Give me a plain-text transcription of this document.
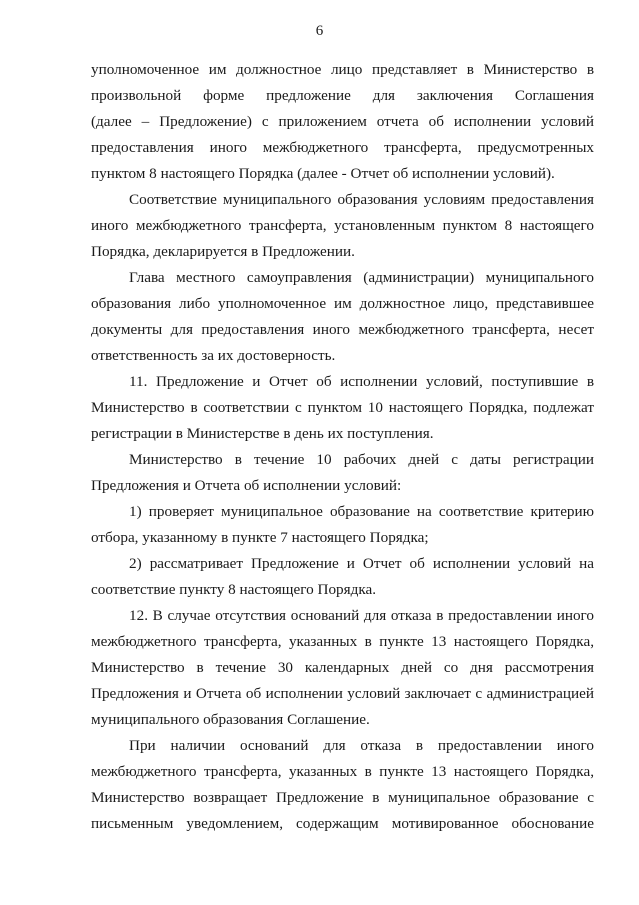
6
уполномоченное им должностное лицо представляет в Министерство в
произвольной форме предложение для заключения Соглашения
(далее – Предложение) с приложением отчета об исполнении условий
предоставления иного межбюджетного трансферта, предусмотренных
пунктом 8 настоящего Порядка (далее - Отчет об исполнении условий).
Соответствие муниципального образования условиям предоставления
иного межбюджетного трансферта, установленным пунктом 8 настоящего
Порядка, декларируется в Предложении.
Глава местного самоуправления (администрации) муниципального
образования либо уполномоченное им должностное лицо, представившее
документы для предоставления иного межбюджетного трансферта, несет
ответственность за их достоверность.
11. Предложение и Отчет об исполнении условий, поступившие в
Министерство в соответствии с пунктом 10 настоящего Порядка, подлежат
регистрации в Министерстве в день их поступления.
Министерство в течение 10 рабочих дней с даты регистрации
Предложения и Отчета об исполнении условий:
1) проверяет муниципальное образование на соответствие критерию
отбора, указанному в пункте 7 настоящего Порядка;
2) рассматривает Предложение и Отчет об исполнении условий на
соответствие пункту 8 настоящего Порядка.
12. В случае отсутствия оснований для отказа в предоставлении иного
межбюджетного трансферта, указанных в пункте 13 настоящего Порядка,
Министерство в течение 30 календарных дней со дня рассмотрения
Предложения и Отчета об исполнении условий заключает с администрацией
муниципального образования Соглашение.
При наличии оснований для отказа в предоставлении иного
межбюджетного трансферта, указанных в пункте 13 настоящего Порядка,
Министерство возвращает Предложение в муниципальное образование с
письменным уведомлением, содержащим мотивированное обоснование
